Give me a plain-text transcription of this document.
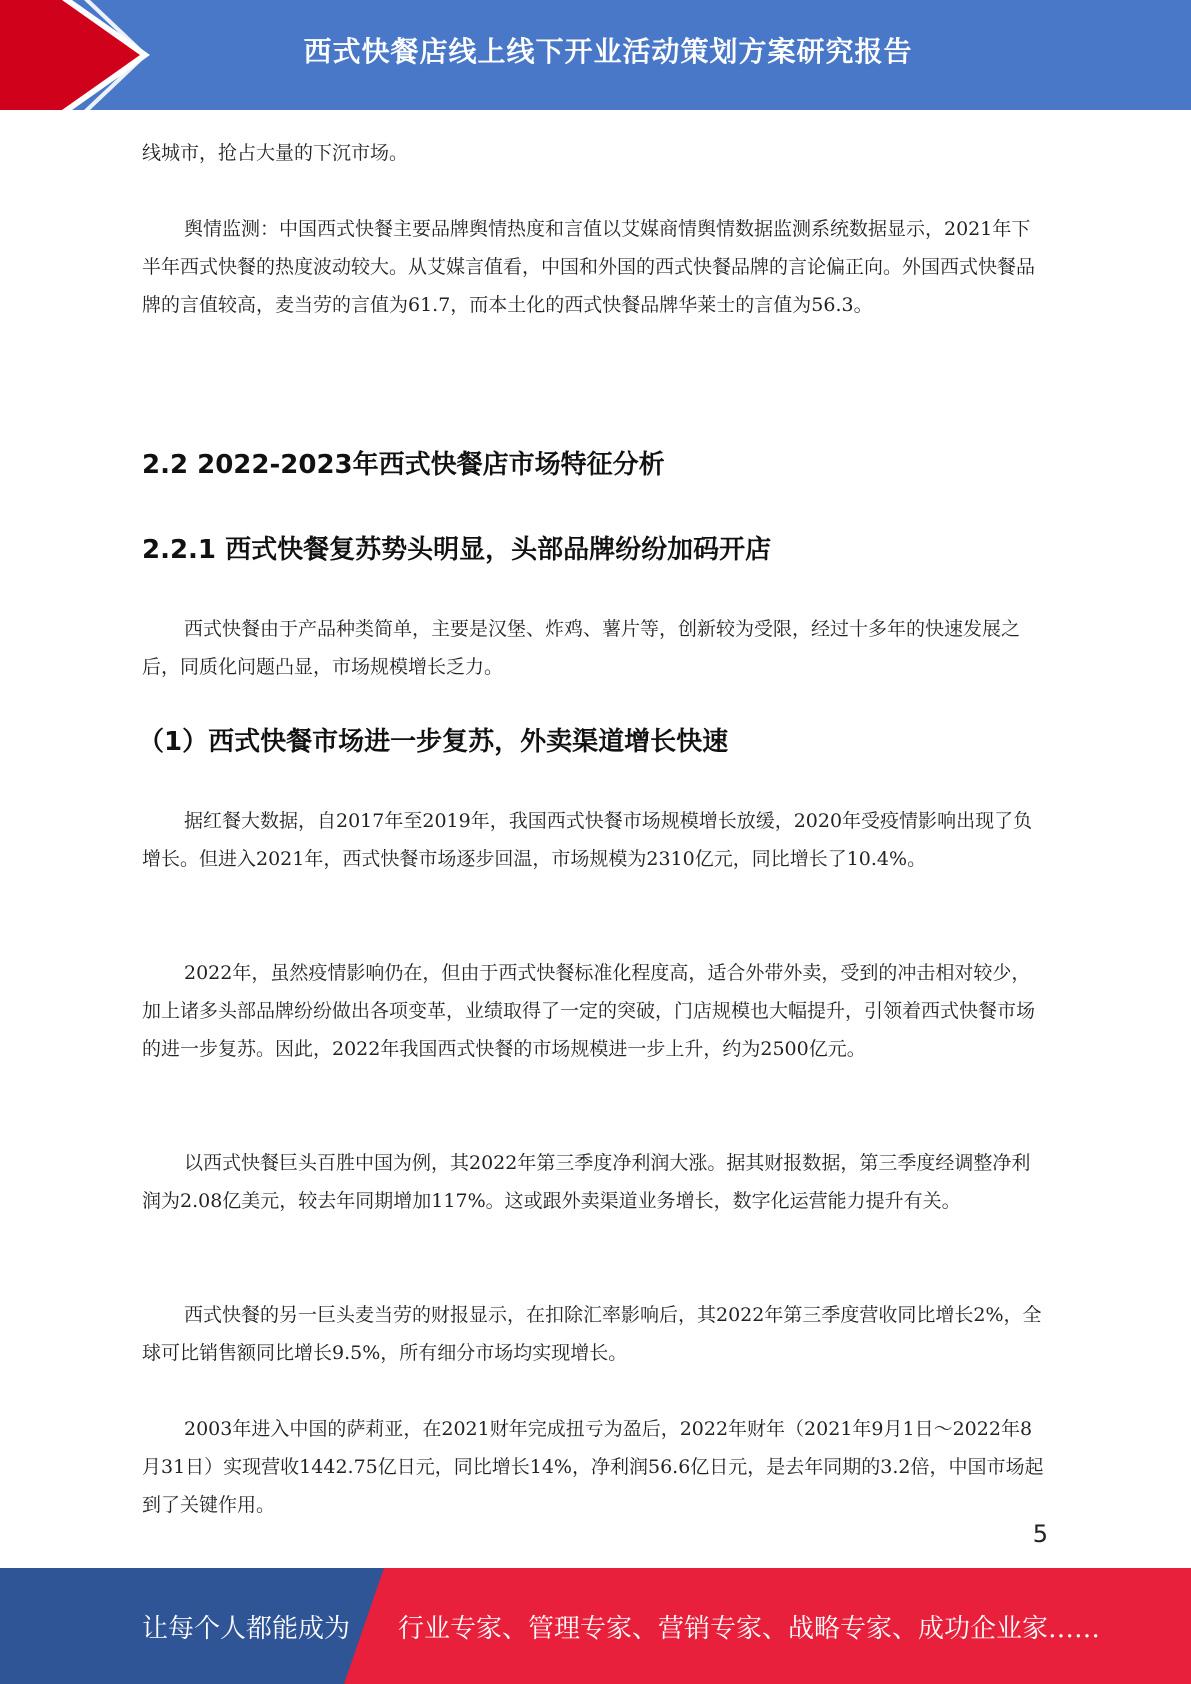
西式快餐店线上线下开业活动策划方案研究报告

线城市，抢占大量的下沉市场。

舆情监测：中国西式快餐主要品牌舆情热度和言值以艾媒商情舆情数据监测系统数据显示，2021年下半年西式快餐的热度波动较大。从艾媒言值看，中国和外国的西式快餐品牌的言论偏正向。外国西式快餐品牌的言值较高，麦当劳的言值为61.7，而本土化的西式快餐品牌华莱士的言值为56.3。

2.2 2022-2023年西式快餐店市场特征分析
2.2.1 西式快餐复苏势头明显，头部品牌纷纷加码开店

西式快餐由于产品种类简单，主要是汉堡、炸鸡、薯片等，创新较为受限，经过十多年的快速发展之后，同质化问题凸显，市场规模增长乏力。

（1）西式快餐市场进一步复苏，外卖渠道增长快速

据红餐大数据，自2017年至2019年，我国西式快餐市场规模增长放缓，2020年受疫情影响出现了负增长。但进入2021年，西式快餐市场逐步回温，市场规模为2310亿元，同比增长了10.4%。

2022年，虽然疫情影响仍在，但由于西式快餐标准化程度高，适合外带外卖，受到的冲击相对较少，加上诸多头部品牌纷纷做出各项变革，业绩取得了一定的突破，门店规模也大幅提升，引领着西式快餐市场的进一步复苏。因此，2022年我国西式快餐的市场规模进一步上升，约为2500亿元。

以西式快餐巨头百胜中国为例，其2022年第三季度净利润大涨。据其财报数据，第三季度经调整净利润为2.08亿美元，较去年同期增加117%。这或跟外卖渠道业务增长，数字化运营能力提升有关。

西式快餐的另一巨头麦当劳的财报显示，在扣除汇率影响后，其2022年第三季度营收同比增长2%，全球可比销售额同比增长9.5%，所有细分市场均实现增长。

2003年进入中国的萨莉亚，在2021财年完成扭亏为盈后，2022年财年（2021年9月1日～2022年8月31日）实现营收1442.75亿日元，同比增长14%，净利润56.6亿日元，是去年同期的3.2倍，中国市场起到了关键作用。

5
让每个人都能成为 行业专家、管理专家、营销专家、战略专家、成功企业家……
